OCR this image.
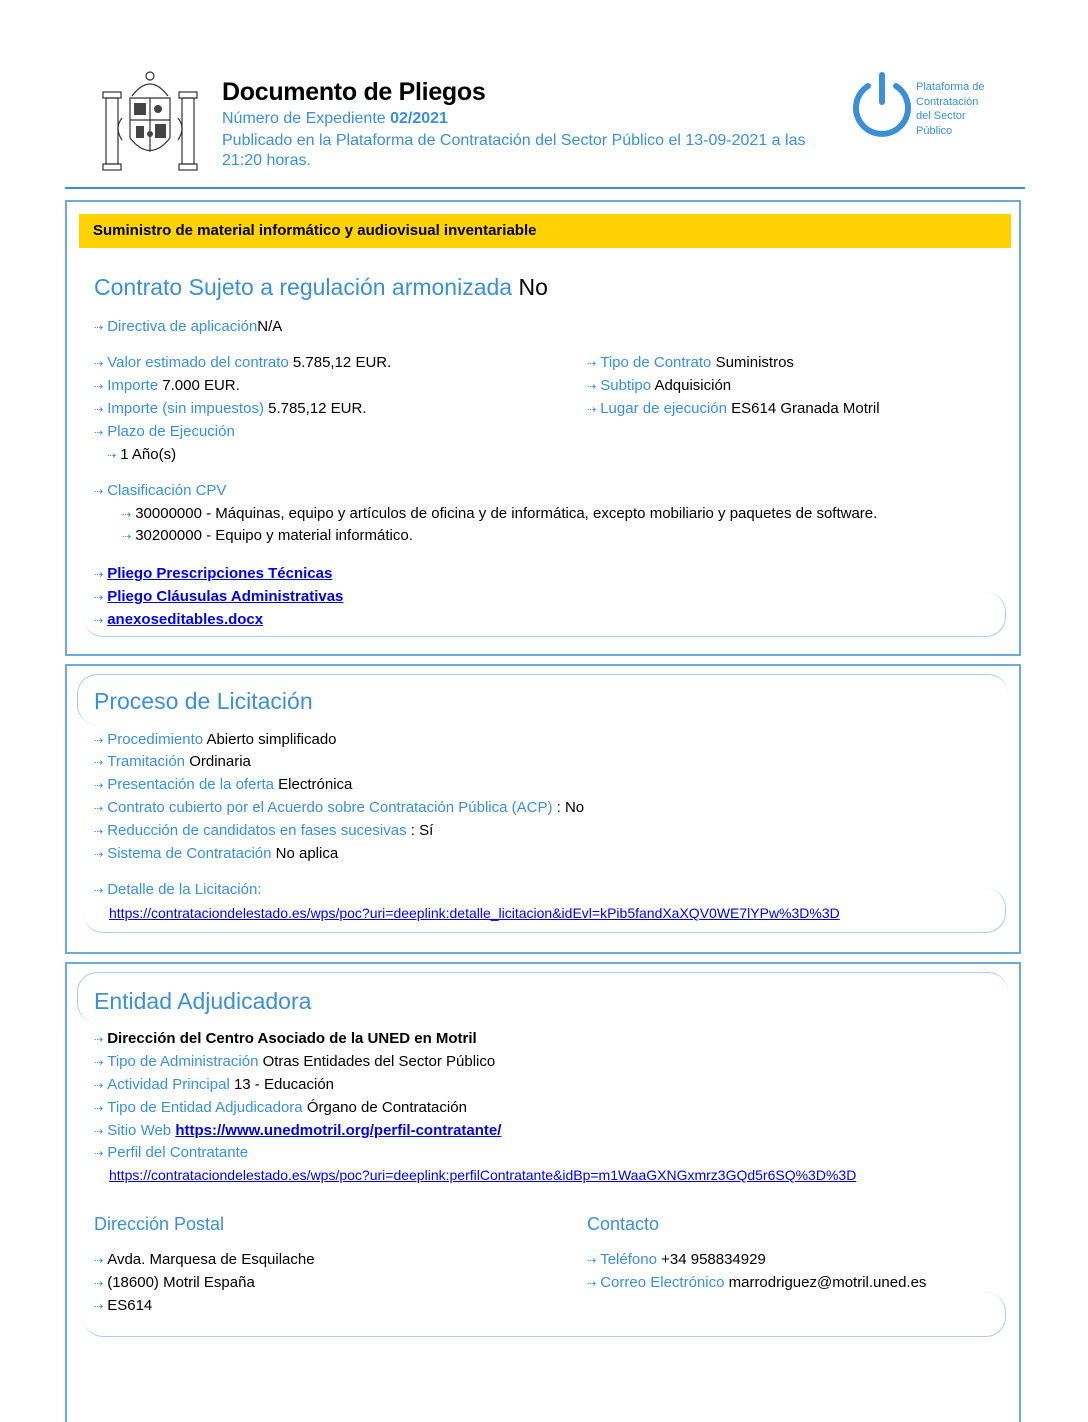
Documento de Pliegos
Número de Expediente 02/2021
Publicado en la Plataforma de Contratación del Sector Público el 13-09-2021 a las 21:20 horas.
Plataforma de
Contratación
del Sector
Público
Suministro de material informático y audiovisual inventariable
Contrato Sujeto a regulación armonizada No
⇢ Directiva de aplicaciónN/A
⇢ Valor estimado del contrato 5.785,12 EUR.
⇢ Importe 7.000 EUR.
⇢ Importe (sin impuestos) 5.785,12 EUR.
⇢ Plazo de Ejecución
⇢ 1 Año(s)
⇢ Tipo de Contrato Suministros
⇢ Subtipo Adquisición
⇢ Lugar de ejecución ES614 Granada Motril
⇢ Clasificación CPV
⇢ 30000000 - Máquinas, equipo y artículos de oficina y de informática, excepto mobiliario y paquetes de software.
⇢ 30200000 - Equipo y material informático.
⇢ Pliego Prescripciones Técnicas
⇢ Pliego Cláusulas Administrativas
⇢ anexoseditables.docx
Proceso de Licitación
⇢ Procedimiento Abierto simplificado
⇢ Tramitación Ordinaria
⇢ Presentación de la oferta Electrónica
⇢ Contrato cubierto por el Acuerdo sobre Contratación Pública (ACP) : No
⇢ Reducción de candidatos en fases sucesivas : Sí
⇢ Sistema de Contratación No aplica
⇢ Detalle de la Licitación:
https://contrataciondelestado.es/wps/poc?uri=deeplink:detalle_licitacion&idEvl=kPib5fandXaXQV0WE7lYPw%3D%3D
Entidad Adjudicadora
⇢ Dirección del Centro Asociado de la UNED en Motril
⇢ Tipo de Administración Otras Entidades del Sector Público
⇢ Actividad Principal 13 - Educación
⇢ Tipo de Entidad Adjudicadora Órgano de Contratación
⇢ Sitio Web https://www.unedmotril.org/perfil-contratante/
⇢ Perfil del Contratante
https://contrataciondelestado.es/wps/poc?uri=deeplink:perfilContratante&idBp=m1WaaGXNGxmrz3GQd5r6SQ%3D%3D
Dirección Postal
⇢ Avda. Marquesa de Esquilache
⇢ (18600) Motril España
⇢ ES614
Contacto
⇢ Teléfono +34 958834929
⇢ Correo Electrónico marrodriguez@motril.uned.es
